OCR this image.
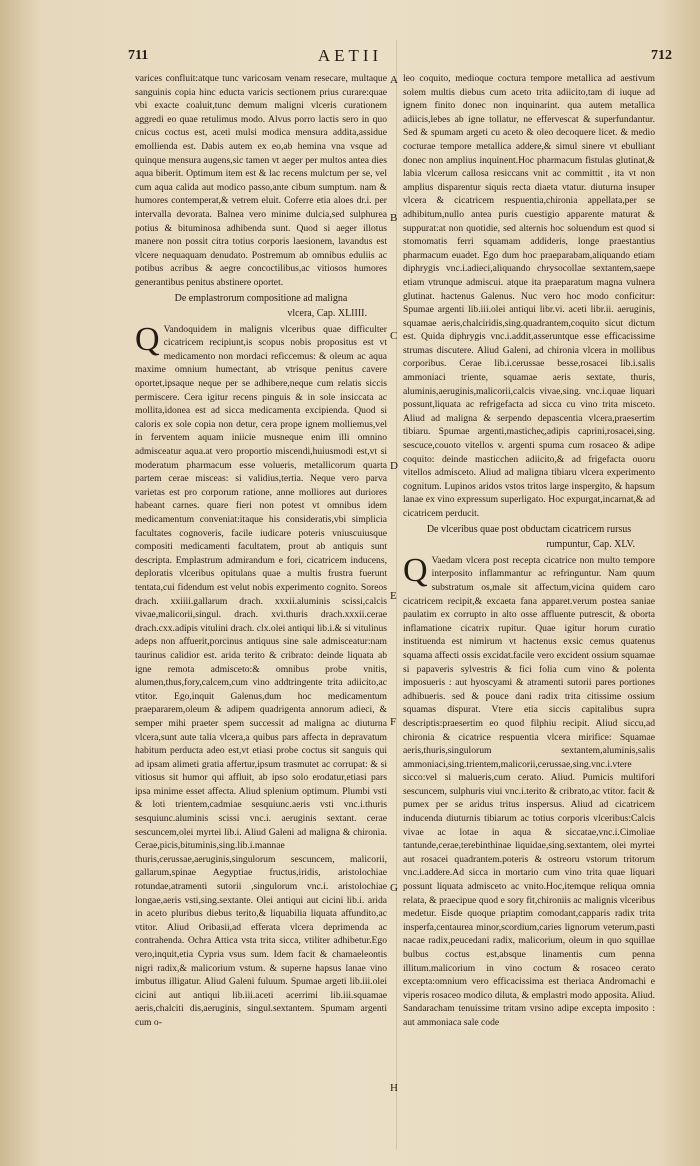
711	AETII	712

varices confluit:atque tunc varicosam venam resecare, multaque sanguinis copia hinc educta varicis sectionem prius curare:quae vbi exacte coaluit,tunc demum maligni vlceris curationem aggredi eo quae retulimus modo. Alvus porro lactis sero in quo cnicus coctus est, aceti mulsi modica mensura addita,assidue emollienda est. Dabis autem ex eo,ab hemina vna vsque ad quinque mensura augens,sic tamen vt aeger per multos antea dies aqua biberit. Optimum item est & lac recens mulctum per se, vel cum aqua calida aut modico passo,ante cibum sumptum. nam & humores contemperat,& vetrem eluit. Coferre etia aloes dr.i. per intervalla devorata. Balnea vero minime dulcia,sed sulphurea potius & bituminosa adhibenda sunt. Quod si aeger illotus manere non possit citra totius corporis laesionem, lavandus est vlcere nequaquam denudato. Postremum ab omnibus eduliis ac potibus acribus & aegre concoctilibus,ac vitiosos humores generantibus penitus abstinere oportet.

De emplastrorum compositione ad maligna

vlcera, Cap. XLIIII.

Q Vandoquidem in malignis vlceribus quae difficulter cicatricem recipiunt,is scopus nobis propositus est vt medicamento non mordaci reficcemus: & oleum ac aqua maxime omnium humectant, ab vtrisque penitus cavere oportet,ipsaque neque per se adhibere,neque cum relatis siccis permiscere. Cera igitur recens pinguis & in sole insiccata ac mollita,idonea est ad sicca medicamenta excipienda. Quod si caloris ex sole copia non detur, cera prope ignem molliemus,vel in ferventem aquam iniicie musneque enim illi omnino admisceatur aqua.at vero proportio miscendi,huiusmodi est,vt si moderatum pharmacum esse volueris, metallicorum quarta partem cerae misceas: si validius,tertia. Neque vero parva varietas est pro corporum ratione, anne molliores aut duriores habeant carnes. quare fieri non potest vt omnibus idem medicamentum conveniat:itaque his consideratis,vbi simplicia facultates cognoveris, facile iudicare poteris vniuscuiusque compositi medicamenti facultatem, prout ab antiquis sunt descripta. Emplastrum admirandum e fori, cicatricem inducens, deploratis vlceribus opitulans quae a multis frustra fuerunt tentata,cui fidendum est velut nobis experimento cognito. Soreos drach. xxiiii.gallarum drach. xxxii.aluminis scissi,calcis vivae,malicorii,singul. drach. xvi.thuris drach.xxxii.cerae drach.cxx.adipis vitulini drach. clx.olei antiqui lib.i.& si vitulinus adeps non affuerit,porcinus antiquus sine sale admisceatur:nam taurinus calidior est. arida terito & cribrato: deinde liquata ab igne remota admisceto:& omnibus probe vnitis, alumen,thus,fory,calcem,cum vino addtringente trita adiicito,ac vtitor. Ego,inquit Galenus,dum hoc medicamentum praepararem,oleum & adipem quadrigenta annorum adieci, & semper mihi praeter spem successit ad maligna ac diuturna vlcera,sunt aute talia vlcera,a quibus pars affecta in depravatum habitum perducta adeo est,vt etiasi probe coctus sit sanguis qui ad ipsam alimeti gratia affertur,ipsum trasmutet ac corrupat: & si vitiosus sit humor qui affluit, ab ipso solo erodatur,etiasi pars ipsa minime esset affecta. Aliud splenium optimum. Plumbi vsti & loti trientem,cadmiae sesquiunc.aeris vsti vnc.i.thuris sesquiunc.aluminis scissi vnc.i. aeruginis sextant. cerae sescuncem,olei myrtei lib.i. Aliud Galeni ad maligna & chironia. Cerae,picis,bituminis,sing.lib.i.mannae thuris,cerussae,aeruginis,singulorum sescuncem, malicorii, gallarum,spinae Aegyptiae fructus,iridis, aristolochiae rotundae,atramenti sutorii ,singulorum vnc.i. aristolochiae longae,aeris vsti,sing.sextante. Olei antiqui aut cicini lib.i. arida in aceto pluribus diebus terito,& liquabilia liquata affundito,ac vtitor. Aliud Oribasii,ad efferata vlcera deprimenda ac contrahenda. Ochra Attica vsta trita sicca, vtiliter adhibetur.Ego vero,inquit,etia Cypria vsus sum. Idem facit & chamaeleontis nigri radix,& malicorium vstum. & superne hapsus lanae vino imbutus illigatur. Aliud Galeni fuluum. Spumae argeti lib.iii.olei cicini aut antiqui lib.iii.aceti acerrimi lib.iii.squamae aeris,chalciti dis,aeruginis, singul.sextantem. Spumam argenti cum o-

A
B
C
D
E
F
G
H

leo coquito, medioque coctura tempore metallica ad aestivum solem multis diebus cum aceto trita adiicito,tam di iuque ad ignem finito donec non inquinarint. qua autem metallica adiicis,lebes ab igne tollatur, ne effervescat & superfundantur. Sed & spumam argeti cu aceto & oleo decoquere licet. & medio cocturae tempore metallica addere,& simul sinere vt ebulliant donec non amplius inquinent.Hoc pharmacum fistulas glutinat,& labia vlcerum callosa resiccans vnit ac committit , ita vt non amplius disparentur siquis recta diaeta vtatur. diuturna insuper vlcera & cicatricem respuentia,chironia appellata,per se adhibitum,nullo antea puris cuestigio apparente maturat & suppurat:at non quotidie, sed alternis hoc soluendum est quod si stomomatis ferri squamam addideris, longe praestantius pharmacum euadet. Ego dum hoc praeparabam,aliquando etiam diphrygis vnc.i.adieci,aliquando chrysocollae sextantem,saepe etiam vtrunque admiscui. atque ita praeparatum magna vulnera glutinat. hactenus Galenus. Nuc vero hoc modo conficitur: Spumae argenti lib.iii.olei antiqui libr.vi. aceti libr.ii. aeruginis, squamae aeris,chalciridis,sing.quadrantem,coquito sicut dictum est. Quida diphrygis vnc.i.addit,asseruntque esse efficacissime strumas discutere. Aliud Galeni, ad chironia vlcera in mollibus corporibus. Cerae lib.i.cerussae besse,rosacei lib.i.salis ammoniaci triente, squamae aeris sextate, thuris, aluminis,aeruginis,malicorii,calcis vivae,sing. vnc.i.quae liquari possunt,liquata ac refrigefacta ad sicca cu vino trita misceto. Aliud ad maligna & serpendo depascentia vlcera,praesertim tibiaru. Spumae argenti,masticheς,adipis caprini,rosacei,sing. sescuce,couoto vitellos v. argenti spuma cum rosaceo & adipe coquito: deinde masticchen adiicito,& ad frigefacta ouoru vitellos admisceto. Aliud ad maligna tibiaru vlcera experimento cognitum. Lupinos aridos vstos tritos large inspergito, & hapsum lanae ex vino expressum superligato. Hoc expurgat,incarnat,& ad cicatricem perducit.

De vlceribus quae post obductam cicatricem rursus

rumpuntur, Cap. XLV.

Q Vaedam vlcera post recepta cicatrice non multo tempore interposito inflammantur ac refringuntur. Nam quum substratum os,male sit affectum,vicina quidem caro cicatricem recipit,& excaeta fana apparet.verum postea saniae paulatim ex corrupto in alto osse affluente putrescit, & oborta inflamatione cicatrix rupitur. Quae igitur horum curatio instituenda est nimirum vt hactenus exsic cemus quatenus squama affecti ossis excidat.facile vero excident ossium squamae si papaveris sylvestris & fici folia cum vino & polenta imposueris : aut hyoscyami & atramenti sutorii pares portiones adhibueris. sed & pouce dani radix trita citissime ossium squamas dispurat. Vtere etia siccis capitalibus supra descriptis:praesertim eo quod filphiu recipit. Aliud siccu,ad chironia & cicatrice respuentia vlcera mirifice: Squamae aeris,thuris,singulorum sextantem,aluminis,salis ammoniaci,sing.trientem,malicorii,cerussae,sing.vnc.i.vtere sicco:vel si malueris,cum cerato. Aliud. Pumicis multifori sescuncem, sulphuris viui vnc.i.terito & cribrato,ac vtitor. facit & pumex per se aridus tritus inspersus. Aliud ad cicatricem inducenda diuturnis tibiarum ac totius corporis vlceribus:Calcis vivae ac lotae in aqua & siccatae,vnc.i.Cimoliae tantunde,cerae,terebinthinae liquidae,sing.sextantem, olei myrtei aut rosacei quadrantem.poteris & ostreoru vstorum tritorum vnc.i.addere.Ad sicca in mortario cum vino trita quae liquari possunt liquata admisceto ac vnito.Hoc,itemque reliqua omnia relata, & praecipue quod e sory fit,chironiis ac malignis vlceribus medetur. Eisde quoque priaptim comodant,capparis radix trita insperfa,centaurea minor,scordium,caries lignorum veterum,pasti nacae radix,peucedani radix, malicorium, oleum in quo squillae bulbus coctus est,absque linamentis cum penna illitum.malicorium in vino coctum & rosaceo cerato excepta:omnium vero efficacissima est theriaca Andromachi e viperis rosaceo modico diluta, & emplastri modo apposita. Aliud. Sandaracham tenuissime tritam vrsino adipe excepta imposito : aut ammoniaca sale code
